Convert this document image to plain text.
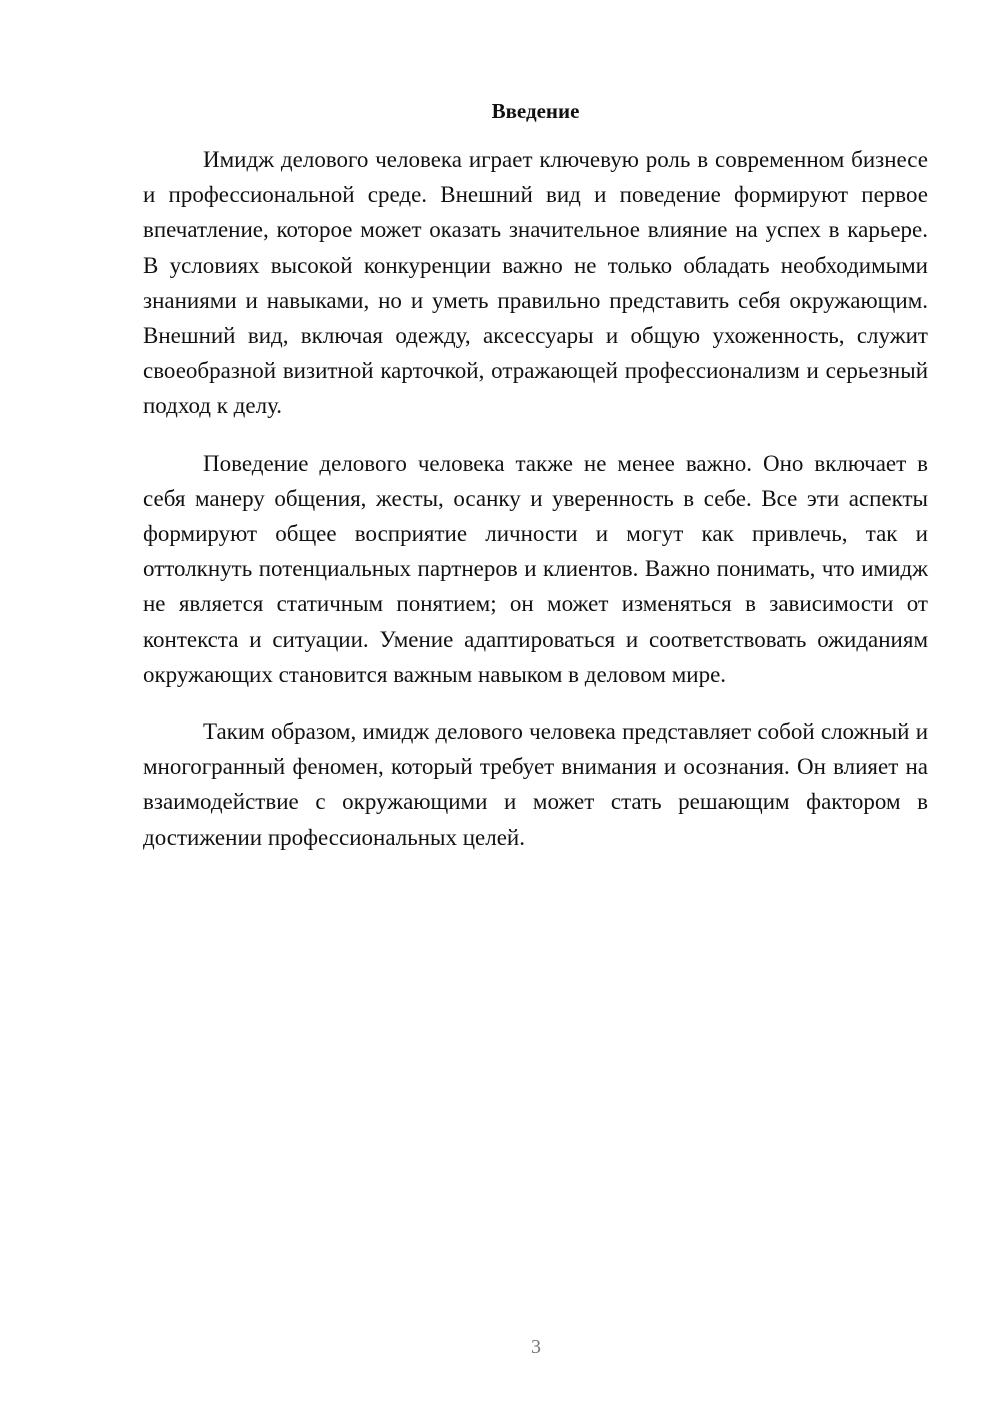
Введение

Имидж делового человека играет ключевую роль в современном бизнесе и профессиональной среде. Внешний вид и поведение формируют первое впечатление, которое может оказать значительное влияние на успех в карьере. В условиях высокой конкуренции важно не только обладать необходимыми знаниями и навыками, но и уметь правильно представить себя окружающим. Внешний вид, включая одежду, аксессуары и общую ухоженность, служит своеобразной визитной карточкой, отражающей профессионализм и серьезный подход к делу.

Поведение делового человека также не менее важно. Оно включает в себя манеру общения, жесты, осанку и уверенность в себе. Все эти аспекты формируют общее восприятие личности и могут как привлечь, так и оттолкнуть потенциальных партнеров и клиентов. Важно понимать, что имидж не является статичным понятием; он может изменяться в зависимости от контекста и ситуации. Умение адаптироваться и соответствовать ожиданиям окружающих становится важным навыком в деловом мире.

Таким образом, имидж делового человека представляет собой сложный и многогранный феномен, который требует внимания и осознания. Он влияет на взаимодействие с окружающими и может стать решающим фактором в достижении профессиональных целей.

3
